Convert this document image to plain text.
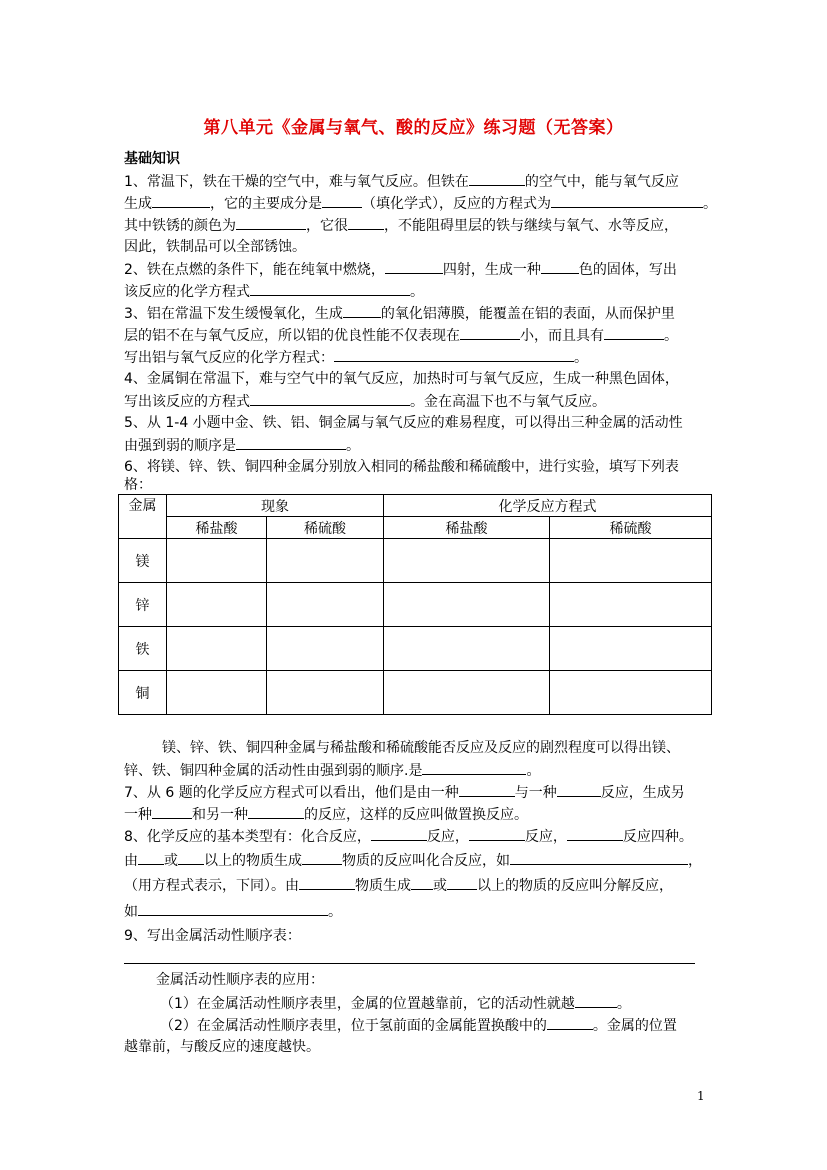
第八单元《金属与氧气、酸的反应》练习题（无答案）
基础知识
1、常温下，铁在干燥的空气中，难与氧气反应。但铁在	的空气中，能与氧气反应
生成	，它的主要成分是	（填化学式），反应的方程式为	。
其中铁锈的颜色为	，它很	，不能阻碍里层的铁与继续与氧气、水等反应，
因此，铁制品可以全部锈蚀。
2、铁在点燃的条件下，能在纯氧中燃烧，	四射，生成一种	色的固体，写出
该反应的化学方程式	。
3、铝在常温下发生缓慢氧化，生成	的氧化铝薄膜，能覆盖在铝的表面，从而保护里
层的铝不在与氧气反应，所以铝的优良性能不仅表现在	小，而且具有	。
写出铝与氧气反应的化学方程式：	。
4、金属铜在常温下，难与空气中的氧气反应，加热时可与氧气反应，生成一种黑色固体，
写出该反应的方程式	。金在高温下也不与氧气反应。
5、从 1-4 小题中金、铁、铝、铜金属与氧气反应的难易程度，可以得出三种金属的活动性
由强到弱的顺序是	。
6、将镁、锌、铁、铜四种金属分别放入相同的稀盐酸和稀硫酸中，进行实验，填写下列表
格：
金属	现象		化学反应方程式	
	稀盐酸	稀硫酸	稀盐酸	稀硫酸
镁				
锌				
铁				
铜				
镁、锌、铁、铜四种金属与稀盐酸和稀硫酸能否反应及反应的剧烈程度可以得出镁、
锌、铁、铜四种金属的活动性由强到弱的顺序.是	。
7、从 6 题的化学反应方程式可以看出，他们是由一种	与一种	反应，生成另
一种	和另一种	的反应，这样的反应叫做置换反应。
8、化学反应的基本类型有：化合反应，	反应，	反应，	反应四种。
由 或 以上的物质生成	物质的反应叫化合反应，如	，
（用方程式表示，下同）。由	物质生成 或 以上的物质的反应叫分解反应，
如	。
9、写出金属活动性顺序表：
金属活动性顺序表的应用：
（1）在金属活动性顺序表里，金属的位置越靠前，它的活动性就越	。
（2）在金属活动性顺序表里，位于氢前面的金属能置换酸中的	。金属的位置
越靠前，与酸反应的速度越快。
1
